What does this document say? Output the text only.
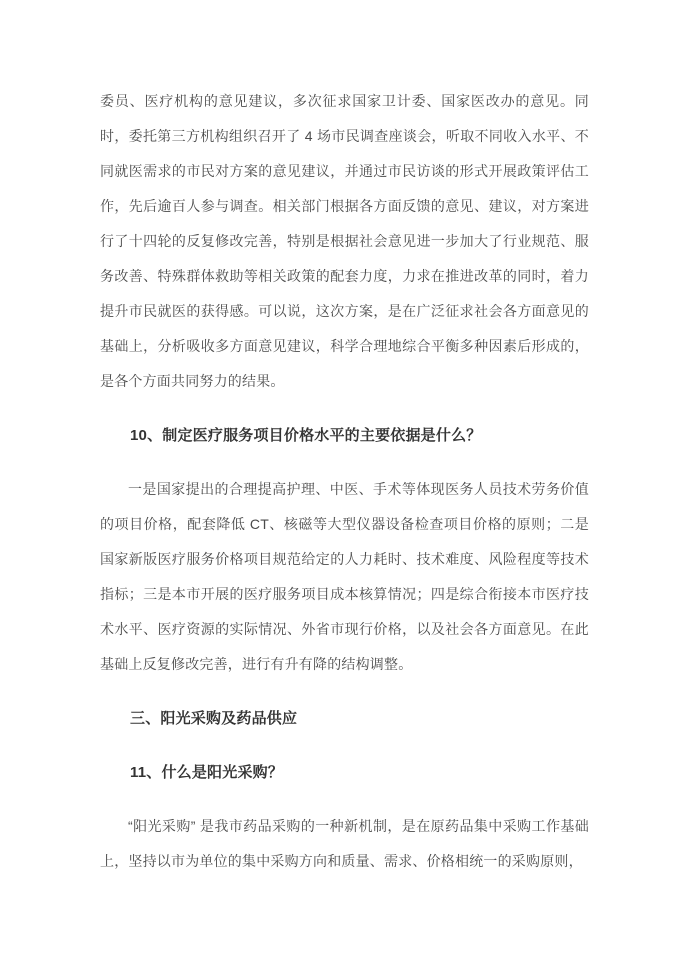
委员、医疗机构的意见建议，多次征求国家卫计委、国家医改办的意见。同时，委托第三方机构组织召开了 4 场市民调查座谈会，听取不同收入水平、不同就医需求的市民对方案的意见建议，并通过市民访谈的形式开展政策评估工作，先后逾百人参与调查。相关部门根据各方面反馈的意见、建议，对方案进行了十四轮的反复修改完善，特别是根据社会意见进一步加大了行业规范、服务改善、特殊群体救助等相关政策的配套力度，力求在推进改革的同时，着力提升市民就医的获得感。可以说，这次方案，是在广泛征求社会各方面意见的基础上，分析吸收多方面意见建议，科学合理地综合平衡多种因素后形成的，是各个方面共同努力的结果。

10、制定医疗服务项目价格水平的主要依据是什么？

一是国家提出的合理提高护理、中医、手术等体现医务人员技术劳务价值的项目价格，配套降低 CT、核磁等大型仪器设备检查项目价格的原则；二是国家新版医疗服务价格项目规范给定的人力耗时、技术难度、风险程度等技术指标；三是本市开展的医疗服务项目成本核算情况；四是综合衔接本市医疗技术水平、医疗资源的实际情况、外省市现行价格，以及社会各方面意见。在此基础上反复修改完善，进行有升有降的结构调整。

三、阳光采购及药品供应
11、什么是阳光采购？

“阳光采购” 是我市药品采购的一种新机制，是在原药品集中采购工作基础上，坚持以市为单位的集中采购方向和质量、需求、价格相统一的采购原则，
